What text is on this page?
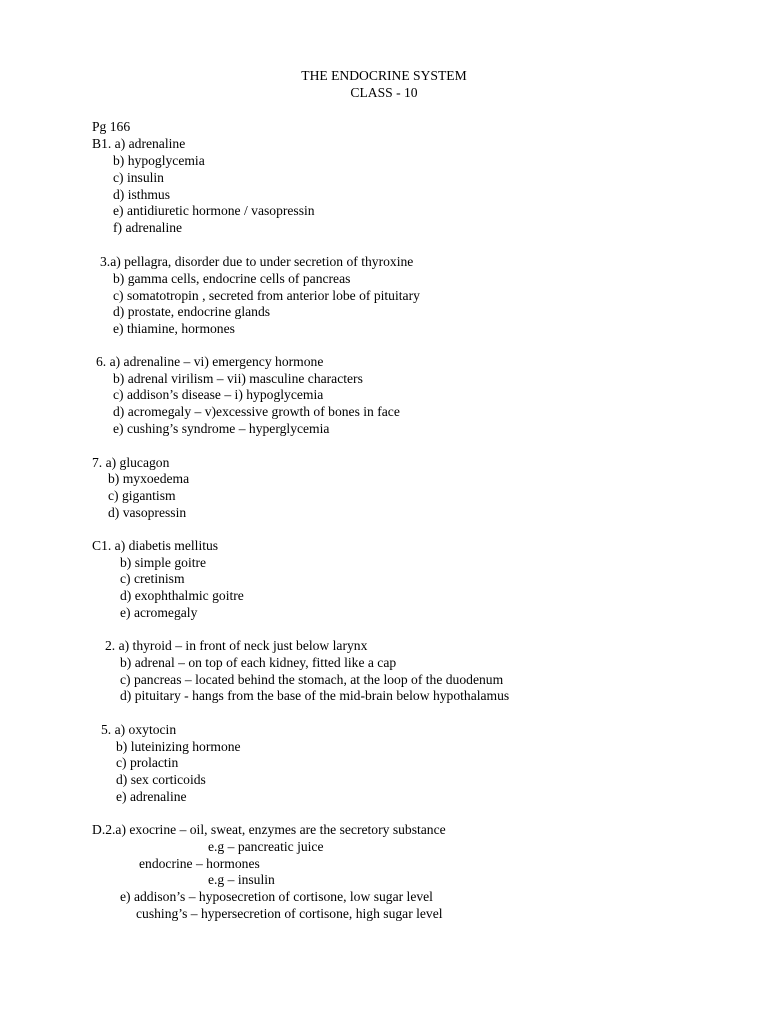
THE ENDOCRINE SYSTEM
CLASS - 10
Pg 166
B1. a) adrenaline
b) hypoglycemia
c) insulin
d) isthmus
e) antidiuretic hormone / vasopressin
f) adrenaline
3.a) pellagra, disorder due to under secretion of thyroxine
b) gamma cells, endocrine cells of pancreas
c) somatotropin , secreted from anterior lobe of pituitary
d) prostate, endocrine glands
e) thiamine, hormones
6. a) adrenaline – vi) emergency hormone
b) adrenal virilism – vii) masculine characters
c) addison’s disease – i) hypoglycemia
d) acromegaly – v)excessive growth of bones in face
e) cushing’s syndrome – hyperglycemia
7. a) glucagon
b) myxoedema
c) gigantism
d) vasopressin
C1. a) diabetis mellitus
b) simple goitre
c) cretinism
d) exophthalmic goitre
e) acromegaly
2. a) thyroid – in front of neck just below larynx
b) adrenal – on top of each kidney, fitted like a cap
c) pancreas – located behind the stomach, at the loop of the duodenum
d) pituitary - hangs from the base of the mid-brain below hypothalamus
5. a) oxytocin
b) luteinizing hormone
c) prolactin
d) sex corticoids
e) adrenaline
D.2.a) exocrine – oil, sweat, enzymes are the secretory substance
e.g – pancreatic juice
endocrine – hormones
e.g – insulin
e) addison’s – hyposecretion of cortisone, low sugar level
cushing’s – hypersecretion of cortisone, high sugar level
